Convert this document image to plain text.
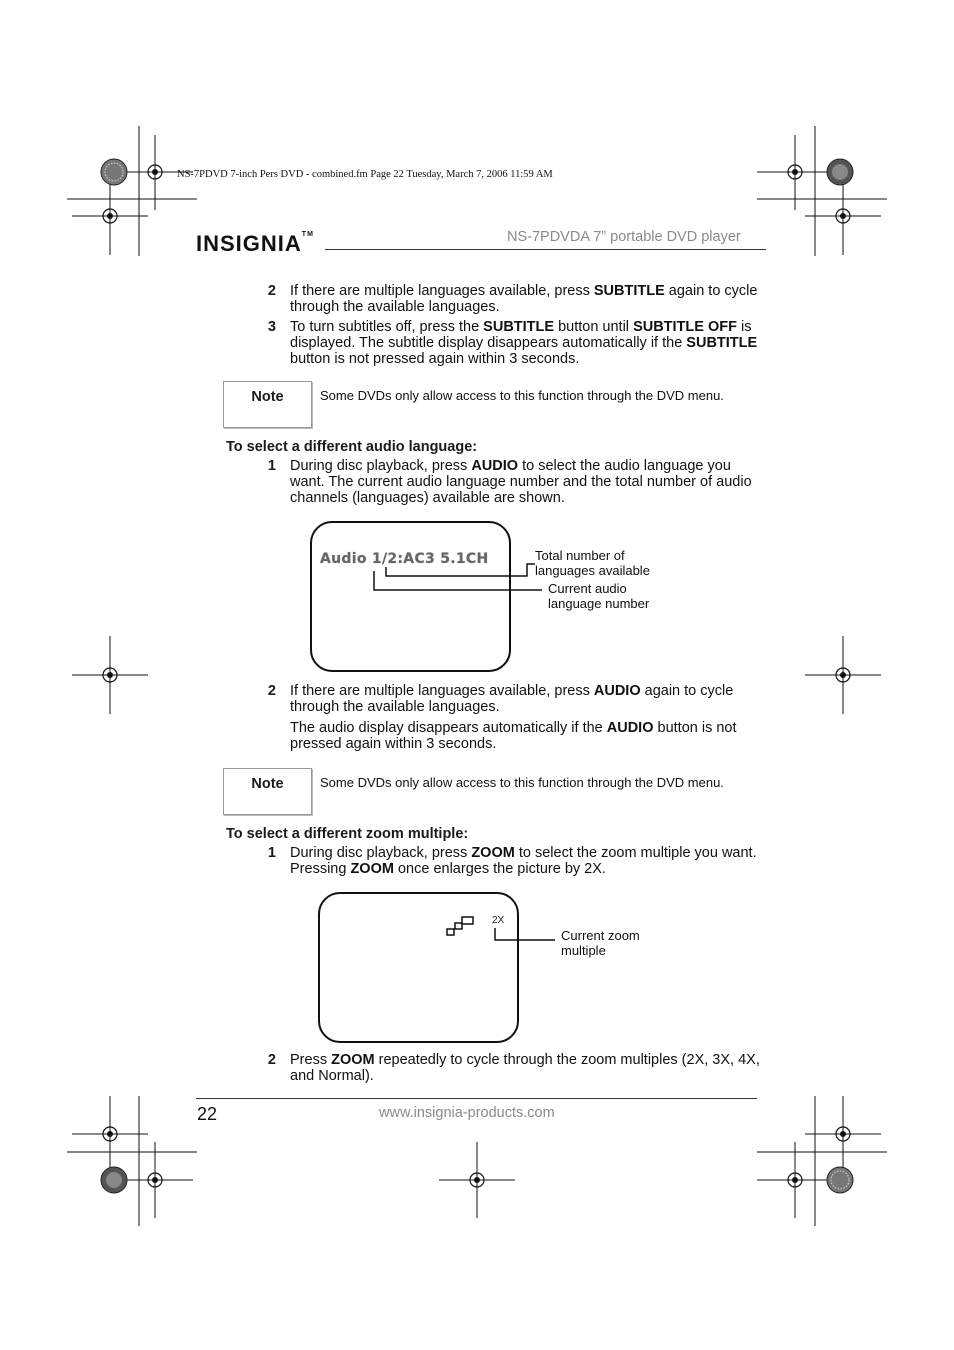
NS-7PDVD 7-inch Pers DVD - combined.fm Page 22 Tuesday, March 7, 2006 11:59 AM
INSIGNIA™	NS-7PDVDA 7” portable DVD player
2 If there are multiple languages available, press SUBTITLE again to cycle through the available languages.
3 To turn subtitles off, press the SUBTITLE button until SUBTITLE OFF is displayed. The subtitle display disappears automatically if the SUBTITLE button is not pressed again within 3 seconds.
Note	Some DVDs only allow access to this function through the DVD menu.
To select a different audio language:
1 During disc playback, press AUDIO to select the audio language you want. The current audio language number and the total number of audio channels (languages) available are shown.
Audio 1/2:AC3 5.1CH	Total number of
languages available
Current audio
language number
2 If there are multiple languages available, press AUDIO again to cycle through the available languages.
The audio display disappears automatically if the AUDIO button is not pressed again within 3 seconds.
Note	Some DVDs only allow access to this function through the DVD menu.
To select a different zoom multiple:
1 During disc playback, press ZOOM to select the zoom multiple you want. Pressing ZOOM once enlarges the picture by 2X.
2X
Current zoom
multiple
2 Press ZOOM repeatedly to cycle through the zoom multiples (2X, 3X, 4X, and Normal).
22	www.insignia-products.com
